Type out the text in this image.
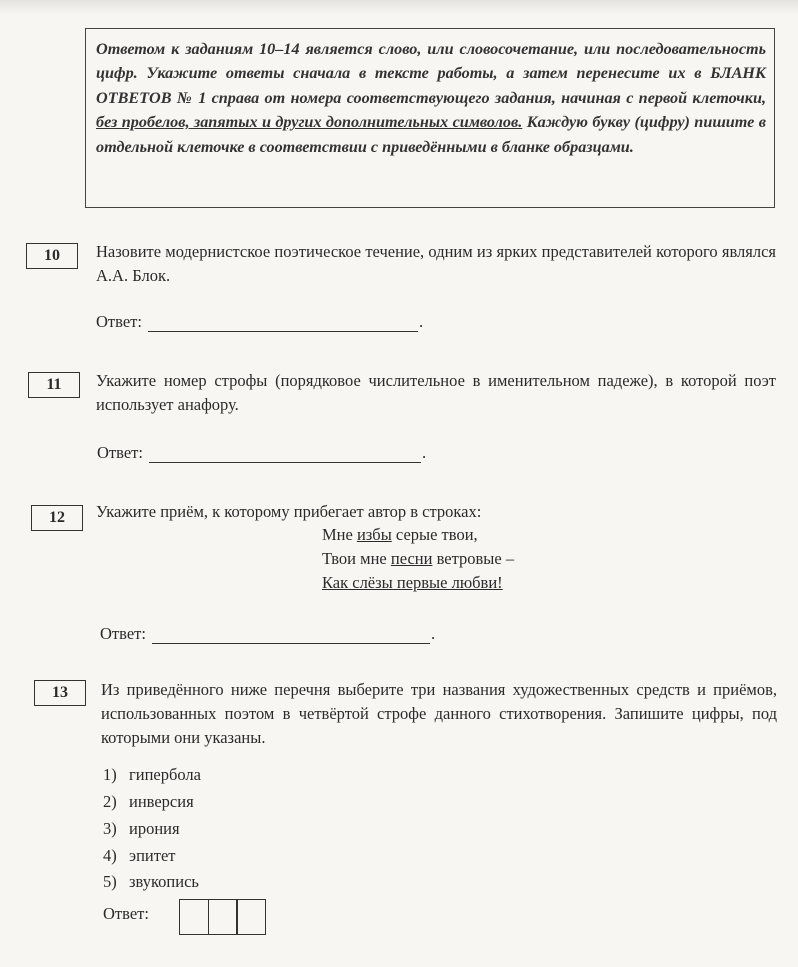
Ответом к заданиям 10–14 является слово, или словосочетание, или последовательность цифр. Укажите ответы сначала в тексте работы, а затем перенесите их в БЛАНК ОТВЕТОВ № 1 справа от номера соответствующего задания, начиная с первой клеточки, без пробелов, запятых и других дополнительных символов. Каждую букву (цифру) пишите в отдельной клеточке в соответствии с приведёнными в бланке образцами.
10	Назовите модернистское поэтическое течение, одним из ярких представителей которого являлся А.А. Блок.
Ответ:	.
11	Укажите номер строфы (порядковое числительное в именительном падеже), в которой поэт использует анафору.
Ответ:	.
12	Укажите приём, к которому прибегает автор в строках:
Мне избы серые твои,
Твои мне песни ветровые –
Как слёзы первые любви!
Ответ:	.
13	Из приведённого ниже перечня выберите три названия художественных средств и приёмов, использованных поэтом в четвёртой строфе данного стихотворения. Запишите цифры, под которыми они указаны.
1) гипербола
2) инверсия
3) ирония
4) эпитет
5) звукопись
Ответ:
